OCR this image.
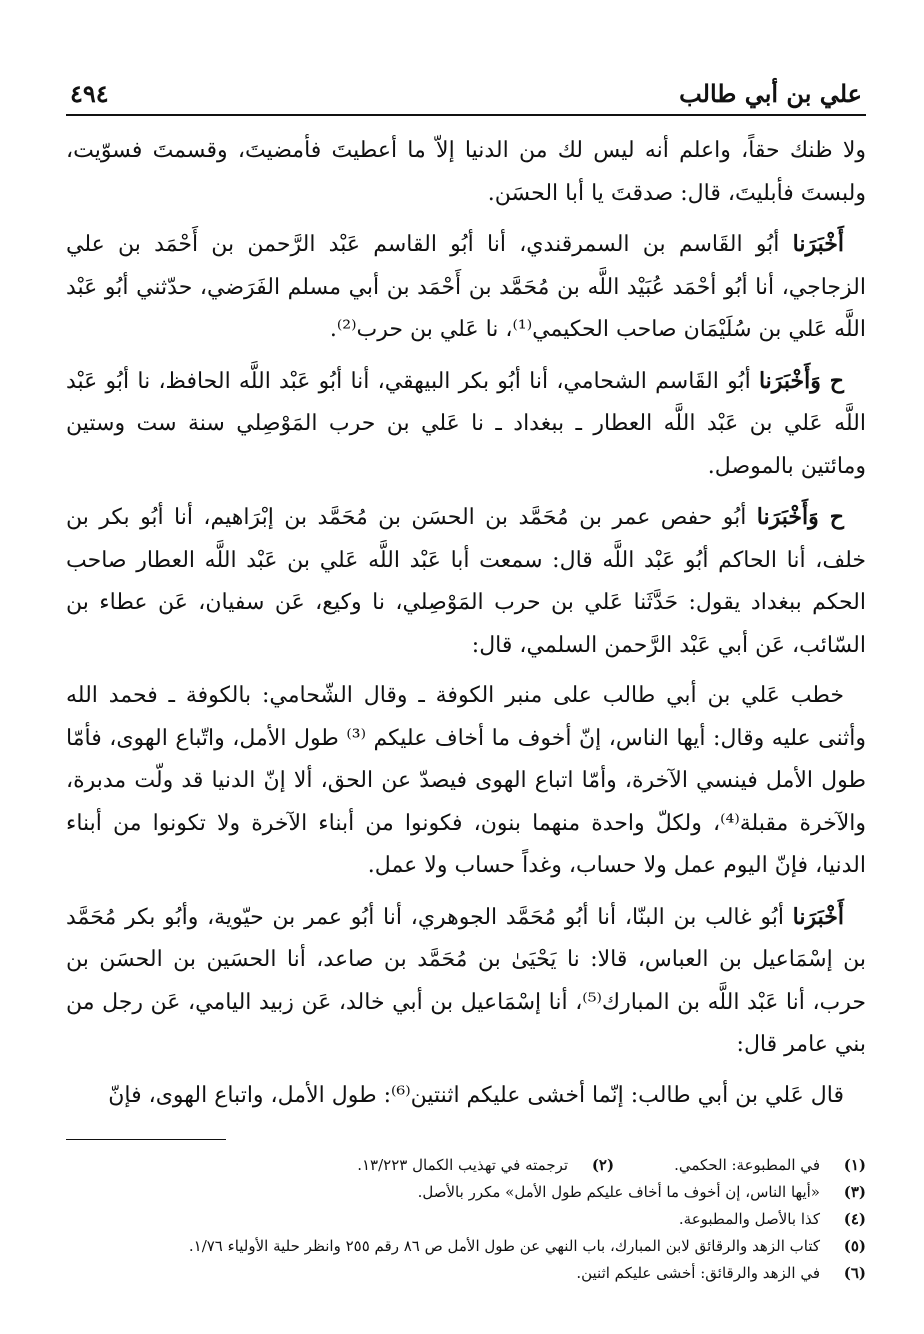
علي بن أبي طالب
٤٩٤

ولا ظنك حقاً، واعلم أنه ليس لك من الدنيا إلاّ ما أعطيتَ فأمضيتَ، وقسمتَ فسوّيت، ولبستَ فأبليتَ، قال: صدقتَ يا أبا الحسَن.

أَخْبَرَنا أبُو القَاسم بن السمرقندي، أنا أبُو القاسم عَبْد الرَّحمن بن أَحْمَد بن علي الزجاجي، أنا أبُو أحْمَد عُبَيْد اللَّه بن مُحَمَّد بن أَحْمَد بن أبي مسلم الفَرَضي، حدّثني أبُو عَبْد اللَّه عَلي بن سُلَيْمَان صاحب الحكيمي⁽¹⁾، نا عَلي بن حرب⁽²⁾.

ح وَأَخْبَرَنا أبُو القَاسم الشحامي، أنا أبُو بكر البيهقي، أنا أبُو عَبْد اللَّه الحافظ، نا أبُو عَبْد اللَّه عَلي بن عَبْد اللَّه العطار ـ ببغداد ـ نا عَلي بن حرب المَوْصِلي سنة ست وستين ومائتين بالموصل.

ح وَأَخْبَرَنا أبُو حفص عمر بن مُحَمَّد بن الحسَن بن مُحَمَّد بن إبْرَاهيم، أنا أبُو بكر بن خلف، أنا الحاكم أبُو عَبْد اللَّه قال: سمعت أبا عَبْد اللَّه عَلي بن عَبْد اللَّه العطار صاحب الحكم ببغداد يقول: حَدَّثَنا عَلي بن حرب المَوْصِلي، نا وكيع، عَن سفيان، عَن عطاء بن السّائب، عَن أبي عَبْد الرَّحمن السلمي، قال:

خطب عَلي بن أبي طالب على منبر الكوفة ـ وقال الشّحامي: بالكوفة ـ فحمد الله وأثنى عليه وقال: أيها الناس، إنّ أخوف ما أخاف عليكم ⁽³⁾ طول الأمل، واتّباع الهوى، فأمّا طول الأمل فينسي الآخرة، وأمّا اتباع الهوى فيصدّ عن الحق، ألا إنّ الدنيا قد ولّت مدبرة، والآخرة مقبلة⁽⁴⁾، ولكلّ واحدة منهما بنون، فكونوا من أبناء الآخرة ولا تكونوا من أبناء الدنيا، فإنّ اليوم عمل ولا حساب، وغداً حساب ولا عمل.

أَخْبَرَنا أبُو غالب بن البنّا، أنا أبُو مُحَمَّد الجوهري، أنا أبُو عمر بن حيّوية، وأبُو بكر مُحَمَّد بن إسْمَاعيل بن العباس، قالا: نا يَحْيَىٰ بن مُحَمَّد بن صاعد، أنا الحسَين بن الحسَن بن حرب، أنا عَبْد اللَّه بن المبارك⁽⁵⁾، أنا إسْمَاعيل بن أبي خالد، عَن زبيد اليامي، عَن رجل من بني عامر قال:

قال عَلي بن أبي طالب: إنّما أخشى عليكم اثنتين⁽⁶⁾: طول الأمل، واتباع الهوى، فإنّ

(١)
في المطبوعة: الحكمي.
(٢)
ترجمته في تهذيب الكمال ١٣/٢٢٣.
(٣)
«أيها الناس، إن أخوف ما أخاف عليكم طول الأمل» مكرر بالأصل.
(٤)
كذا بالأصل والمطبوعة.
(٥)
كتاب الزهد والرقائق لابن المبارك، باب النهي عن طول الأمل ص ٨٦ رقم ٢٥٥ وانظر حلية الأولياء ١/٧٦.
(٦)
في الزهد والرقائق: أخشى عليكم اثنين.
